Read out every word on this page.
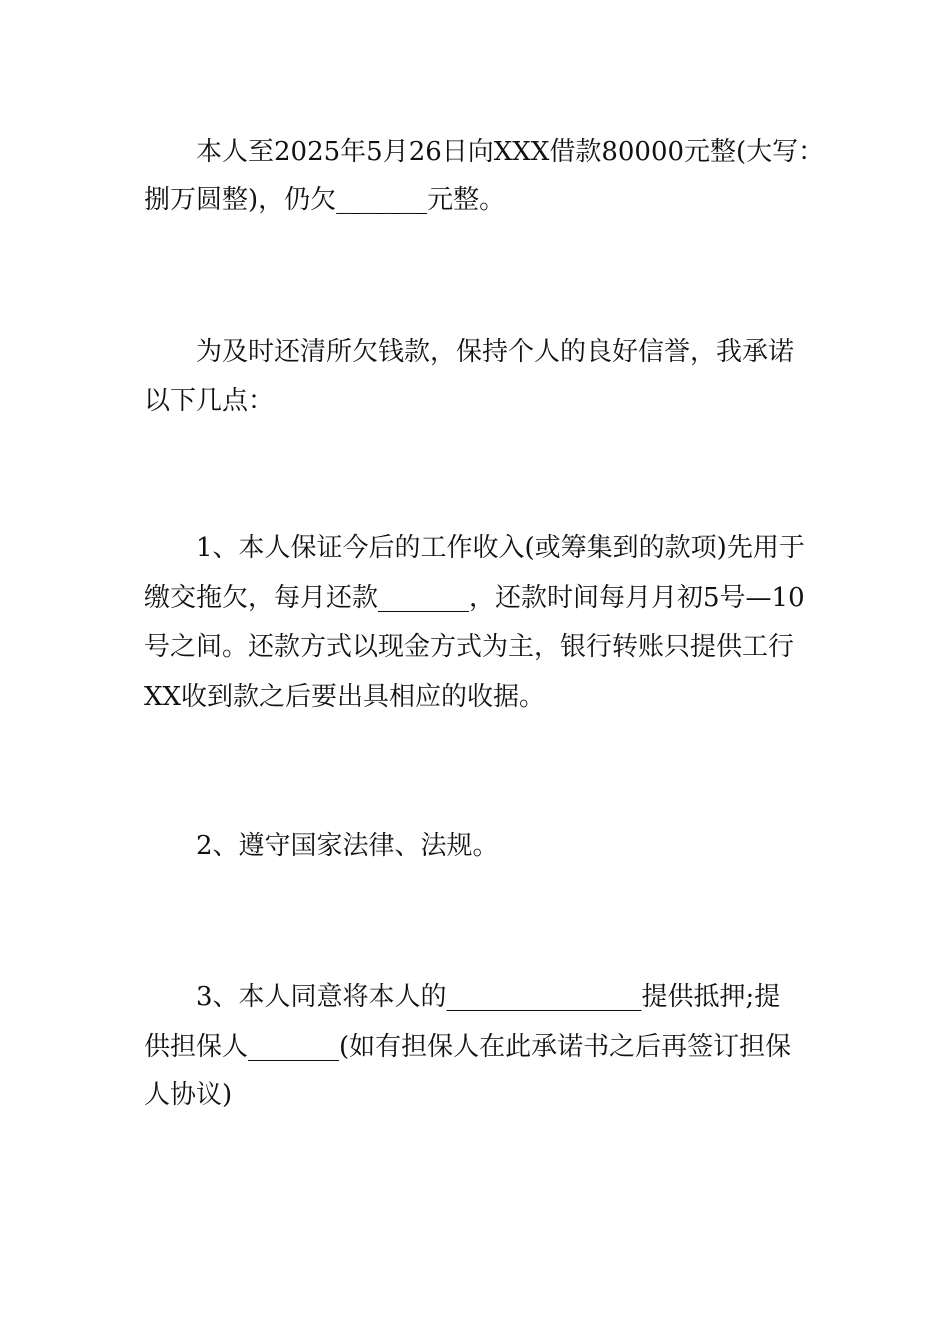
本人至2025年5月26日向XXX借款80000元整(大写：
捌万圆整)，仍欠_______元整。
为及时还清所欠钱款，保持个人的良好信誉，我承诺
以下几点：
1、本人保证今后的工作收入(或筹集到的款项)先用于
缴交拖欠，每月还款_______，还款时间每月月初5号—10
号之间。还款方式以现金方式为主，银行转账只提供工行
XX收到款之后要出具相应的收据。
2、遵守国家法律、法规。
3、本人同意将本人的_______________提供抵押;提
供担保人_______(如有担保人在此承诺书之后再签订担保
人协议)
